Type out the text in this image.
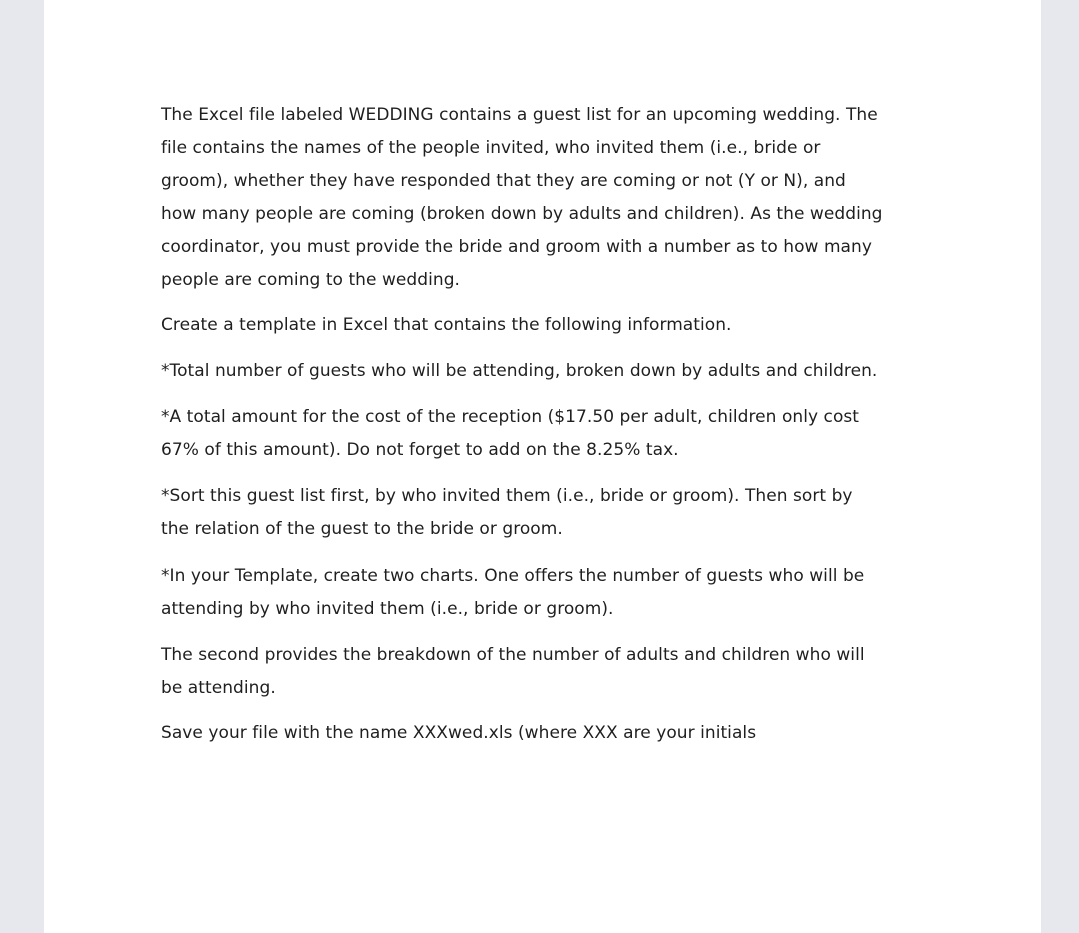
The Excel file labeled WEDDING contains a guest list for an upcoming wedding. The
file contains the names of the people invited, who invited them (i.e., bride or
groom), whether they have responded that they are coming or not (Y or N), and
how many people are coming (broken down by adults and children). As the wedding
coordinator, you must provide the bride and groom with a number as to how many
people are coming to the wedding.

Create a template in Excel that contains the following information.

*Total number of guests who will be attending, broken down by adults and children.

*A total amount for the cost of the reception ($17.50 per adult, children only cost
67% of this amount). Do not forget to add on the 8.25% tax.

*Sort this guest list first, by who invited them (i.e., bride or groom). Then sort by
the relation of the guest to the bride or groom.

*In your Template, create two charts. One offers the number of guests who will be
attending by who invited them (i.e., bride or groom).

The second provides the breakdown of the number of adults and children who will
be attending.

Save your file with the name XXXwed.xls (where XXX are your initials
